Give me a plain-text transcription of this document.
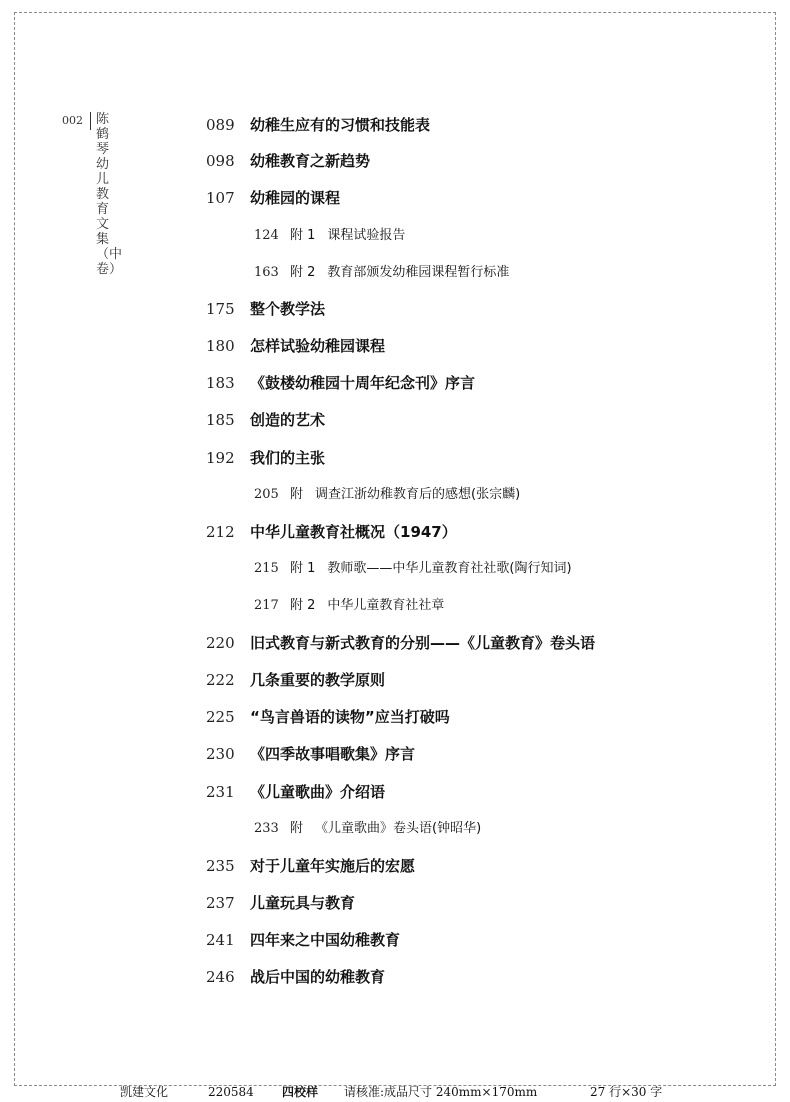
002 陈鹤琴幼儿教育文集（中卷）
089	幼稚生应有的习惯和技能表
098	幼稚教育之新趋势
107	幼稚园的课程
124 附 1 课程试验报告
163 附 2 教育部颁发幼稚园课程暂行标准
175	整个教学法
180	怎样试验幼稚园课程
183	《鼓楼幼稚园十周年纪念刊》序言
185	创造的艺术
192	我们的主张
205 附 调查江浙幼稚教育后的感想(张宗麟)
212	中华儿童教育社概况（1947）
215 附 1 教师歌——中华儿童教育社社歌(陶行知词)
217 附 2 中华儿童教育社社章
220	旧式教育与新式教育的分别——《儿童教育》卷头语
222	几条重要的教学原则
225	“鸟言兽语的读物”应当打破吗
230	《四季故事唱歌集》序言
231	《儿童歌曲》介绍语
233 附 《儿童歌曲》卷头语(钟昭华)
235	对于儿童年实施后的宏愿
237	儿童玩具与教育
241	四年来之中国幼稚教育
246	战后中国的幼稚教育
凯建文化	220584 四校样 请核准:成品尺寸 240mm×170mm	27 行×30 字
